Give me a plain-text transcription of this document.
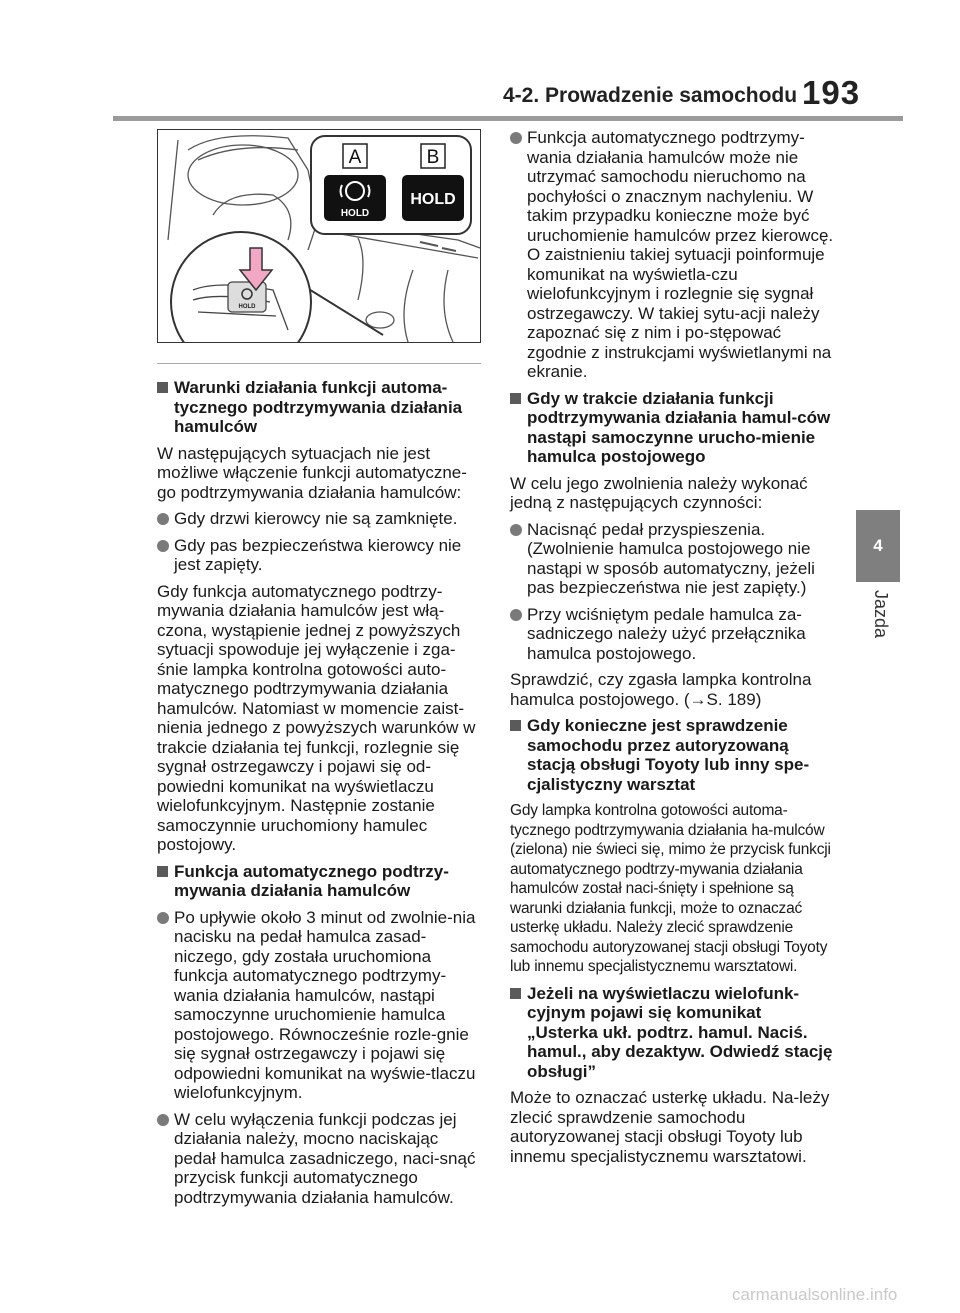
4-2. Prowadzenie samochodu 193
4
Jazda
A	B
HOLD
HOLD
HOLD
Warunki działania funkcji automa-tycznego podtrzymywania działania hamulców
W następujących sytuacjach nie jest możliwe włączenie funkcji automatyczne-go podtrzymywania działania hamulców:
Gdy drzwi kierowcy nie są zamknięte.
Gdy pas bezpieczeństwa kierowcy nie jest zapięty.
Gdy funkcja automatycznego podtrzy-mywania działania hamulców jest włą-czona, wystąpienie jednej z powyższych sytuacji spowoduje jej wyłączenie i zga-śnie lampka kontrolna gotowości auto-matycznego podtrzymywania działania hamulców. Natomiast w momencie zaist-nienia jednego z powyższych warunków w trakcie działania tej funkcji, rozlegnie się sygnał ostrzegawczy i pojawi się od-powiedni komunikat na wyświetlaczu wielofunkcyjnym. Następnie zostanie samoczynnie uruchomiony hamulec postojowy.
Funkcja automatycznego podtrzy-mywania działania hamulców
Po upływie około 3 minut od zwolnie-nia nacisku na pedał hamulca zasad-niczego, gdy została uruchomiona funkcja automatycznego podtrzymy-wania działania hamulców, nastąpi samoczynne uruchomienie hamulca postojowego. Równocześnie rozle-gnie się sygnał ostrzegawczy i pojawi się odpowiedni komunikat na wyświe-tlaczu wielofunkcyjnym.
W celu wyłączenia funkcji podczas jej działania należy, mocno naciskając pedał hamulca zasadniczego, naci-snąć przycisk funkcji automatycznego podtrzymywania działania hamulców.
Funkcja automatycznego podtrzymy-wania działania hamulców może nie utrzymać samochodu nieruchomo na pochyłości o znacznym nachyleniu. W takim przypadku konieczne może być uruchomienie hamulców przez kierowcę. O zaistnieniu takiej sytuacji poinformuje komunikat na wyświetla-czu wielofunkcyjnym i rozlegnie się sygnał ostrzegawczy. W takiej sytu-acji należy zapoznać się z nim i po-stępować zgodnie z instrukcjami wyświetlanymi na ekranie.
Gdy w trakcie działania funkcji podtrzymywania działania hamul-ców nastąpi samoczynne urucho-mienie hamulca postojowego
W celu jego zwolnienia należy wykonać jedną z następujących czynności:
Nacisnąć pedał przyspieszenia. (Zwolnienie hamulca postojowego nie nastąpi w sposób automatyczny, jeżeli pas bezpieczeństwa nie jest zapięty.)
Przy wciśniętym pedale hamulca za-sadniczego należy użyć przełącznika hamulca postojowego.
Sprawdzić, czy zgasła lampka kontrolna hamulca postojowego. (→S. 189)
Gdy konieczne jest sprawdzenie samochodu przez autoryzowaną stacją obsługi Toyoty lub inny spe-cjalistyczny warsztat
Gdy lampka kontrolna gotowości automa-tycznego podtrzymywania działania ha-mulców (zielona) nie świeci się, mimo że przycisk funkcji automatycznego podtrzy-mywania działania hamulców został naci-śnięty i spełnione są warunki działania funkcji, może to oznaczać usterkę układu. Należy zlecić sprawdzenie samochodu autoryzowanej stacji obsługi Toyoty lub innemu specjalistycznemu warsztatowi.
Jeżeli na wyświetlaczu wielofunk-cyjnym pojawi się komunikat „Usterka ukł. podtrz. hamul. Naciś. hamul., aby dezaktyw. Odwiedź stację obsługi”
Może to oznaczać usterkę układu. Na-leży zlecić sprawdzenie samochodu autoryzowanej stacji obsługi Toyoty lub innemu specjalistycznemu warsztatowi.
carmanualsonline.info
